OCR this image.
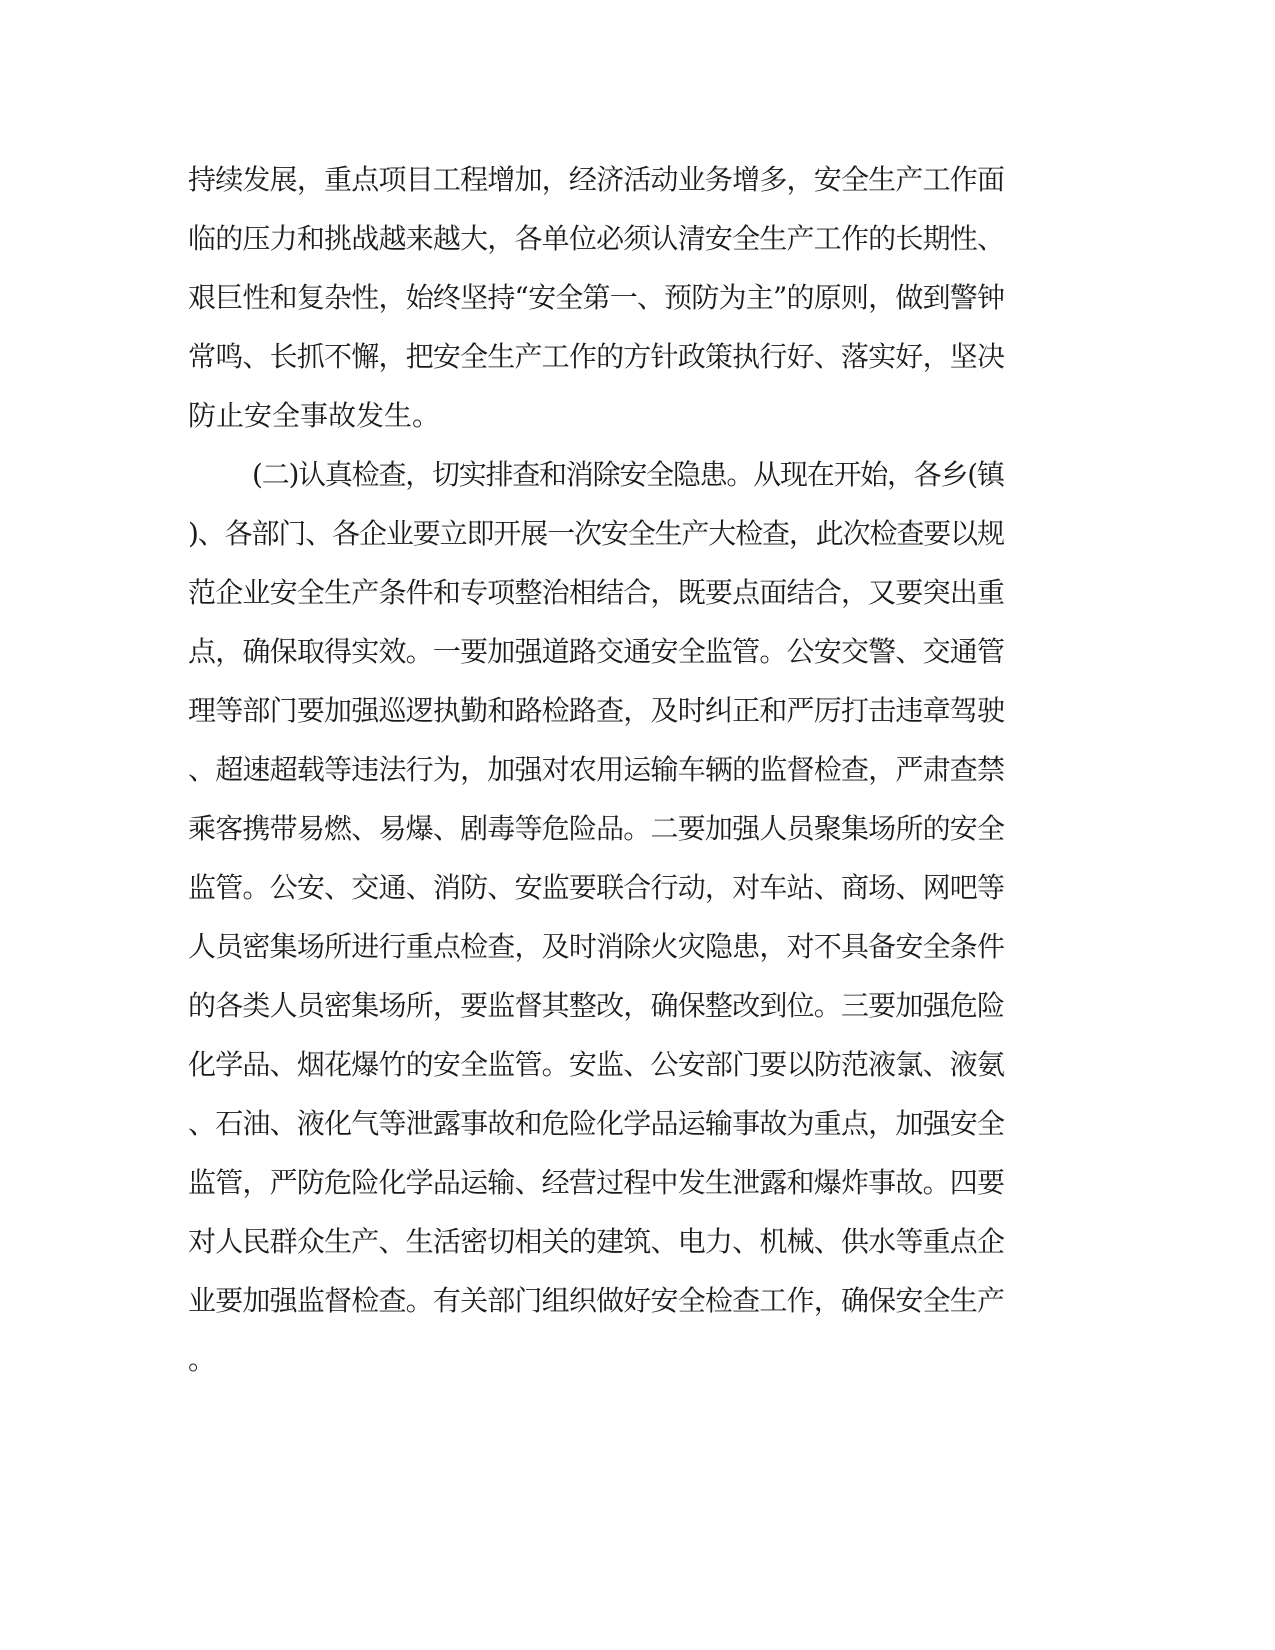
持续发展，重点项目工程增加，经济活动业务增多，安全生产工作面
临的压力和挑战越来越大，各单位必须认清安全生产工作的长期性、
艰巨性和复杂性，始终坚持“安全第一、预防为主”的原则，做到警钟
常鸣、长抓不懈，把安全生产工作的方针政策执行好、落实好，坚决
防止安全事故发生。
(二)认真检查，切实排查和消除安全隐患。从现在开始，各乡(镇
)、各部门、各企业要立即开展一次安全生产大检查，此次检查要以规
范企业安全生产条件和专项整治相结合，既要点面结合，又要突出重
点，确保取得实效。一要加强道路交通安全监管。公安交警、交通管
理等部门要加强巡逻执勤和路检路查，及时纠正和严厉打击违章驾驶
、超速超载等违法行为，加强对农用运输车辆的监督检查，严肃查禁
乘客携带易燃、易爆、剧毒等危险品。二要加强人员聚集场所的安全
监管。公安、交通、消防、安监要联合行动，对车站、商场、网吧等
人员密集场所进行重点检查，及时消除火灾隐患，对不具备安全条件
的各类人员密集场所，要监督其整改，确保整改到位。三要加强危险
化学品、烟花爆竹的安全监管。安监、公安部门要以防范液氯、液氨
、石油、液化气等泄露事故和危险化学品运输事故为重点，加强安全
监管，严防危险化学品运输、经营过程中发生泄露和爆炸事故。四要
对人民群众生产、生活密切相关的建筑、电力、机械、供水等重点企
业要加强监督检查。有关部门组织做好安全检查工作，确保安全生产
。
